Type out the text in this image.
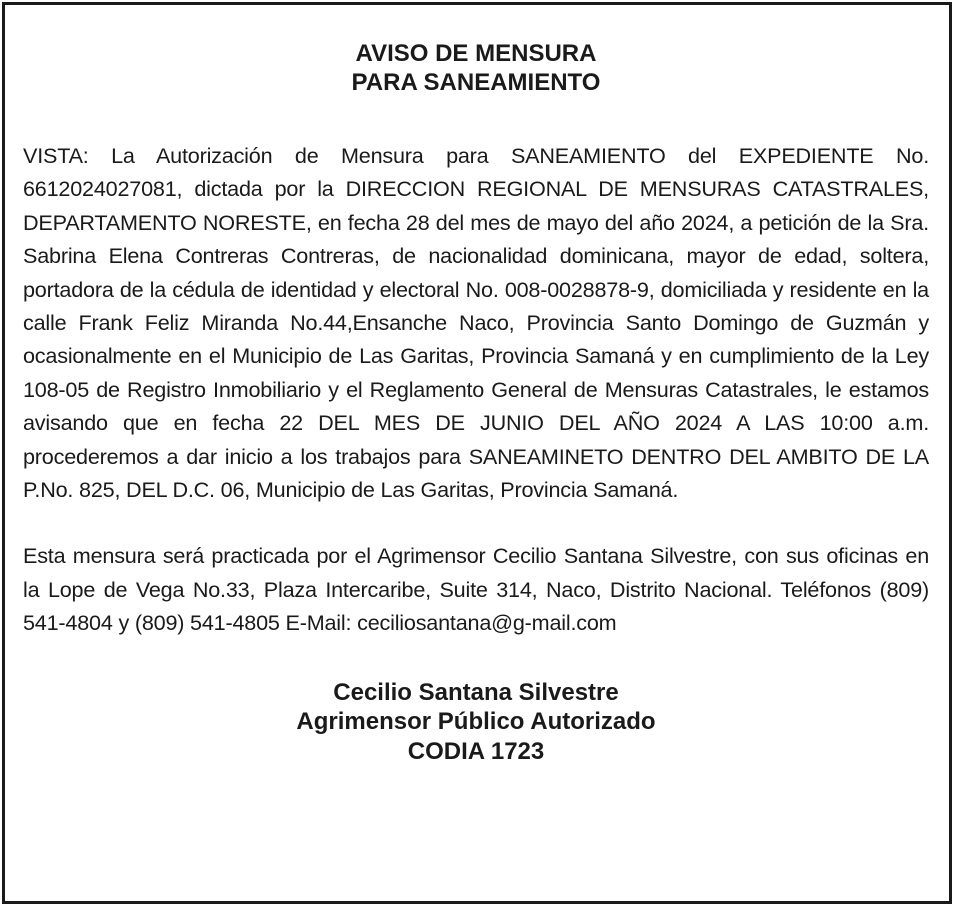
AVISO DE MENSURA
PARA SANEAMIENTO

VISTA: La Autorización de Mensura para SANEAMIENTO del EXPEDIENTE No. 6612024027081, dictada por la DIRECCION REGIONAL DE MENSURAS CATASTRALES, DEPARTAMENTO NORESTE, en fecha 28 del mes de mayo del año 2024, a petición de la Sra. Sabrina Elena Contreras Contreras, de nacionalidad dominicana, mayor de edad, soltera, portadora de la cédula de identidad y electoral No. 008-0028878-9, domiciliada y residente en la calle Frank Feliz Miranda No.44,Ensanche Naco, Provincia Santo Domingo de Guzmán y ocasionalmente en el Municipio de Las Garitas, Provincia Samaná y en cumplimiento de la Ley 108-05 de Registro Inmobiliario y el Reglamento General de Mensuras Catastrales, le estamos avisando que en fecha 22 DEL MES DE JUNIO DEL AÑO 2024 A LAS 10:00 a.m. procederemos a dar inicio a los trabajos para SANEAMINETO DENTRO DEL AMBITO DE LA P.No. 825, DEL D.C. 06, Municipio de Las Garitas, Provincia Samaná.

Esta mensura será practicada por el Agrimensor Cecilio Santana Silvestre, con sus oficinas en la Lope de Vega No.33, Plaza Intercaribe, Suite 314, Naco, Distrito Nacional. Teléfonos (809) 541-4804 y (809) 541-4805 E-Mail: ceciliosantana@g-mail.com

Cecilio Santana Silvestre
Agrimensor Público Autorizado
CODIA 1723
